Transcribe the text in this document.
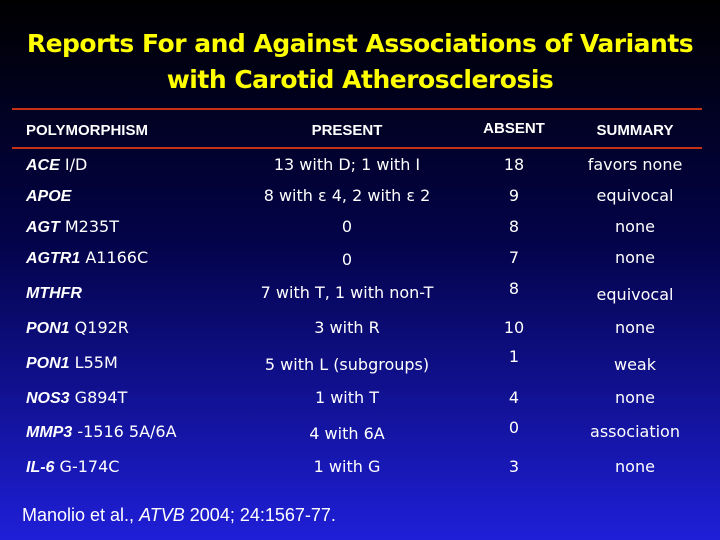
Reports For and Against Associations of Variants
with Carotid Atherosclerosis
POLYMORPHISM	PRESENT	ABSENT	SUMMARY
ACE I/D	13 with D; 1 with I	18	favors none
APOE	8 with ε 4, 2 with ε 2	9	equivocal
AGT M235T	0	8	none
AGTR1 A1166C	0	7	none
MTHFR	7 with T, 1 with non-T	8	equivocal
PON1 Q192R	3 with R	10	none
PON1 L55M	5 with L (subgroups)	1	weak
NOS3 G894T	1 with T	4	none
MMP3 -1516 5A/6A	4 with 6A	0	association
IL-6 G-174C	1 with G	3	none
Manolio et al., ATVB 2004; 24:1567-77.
